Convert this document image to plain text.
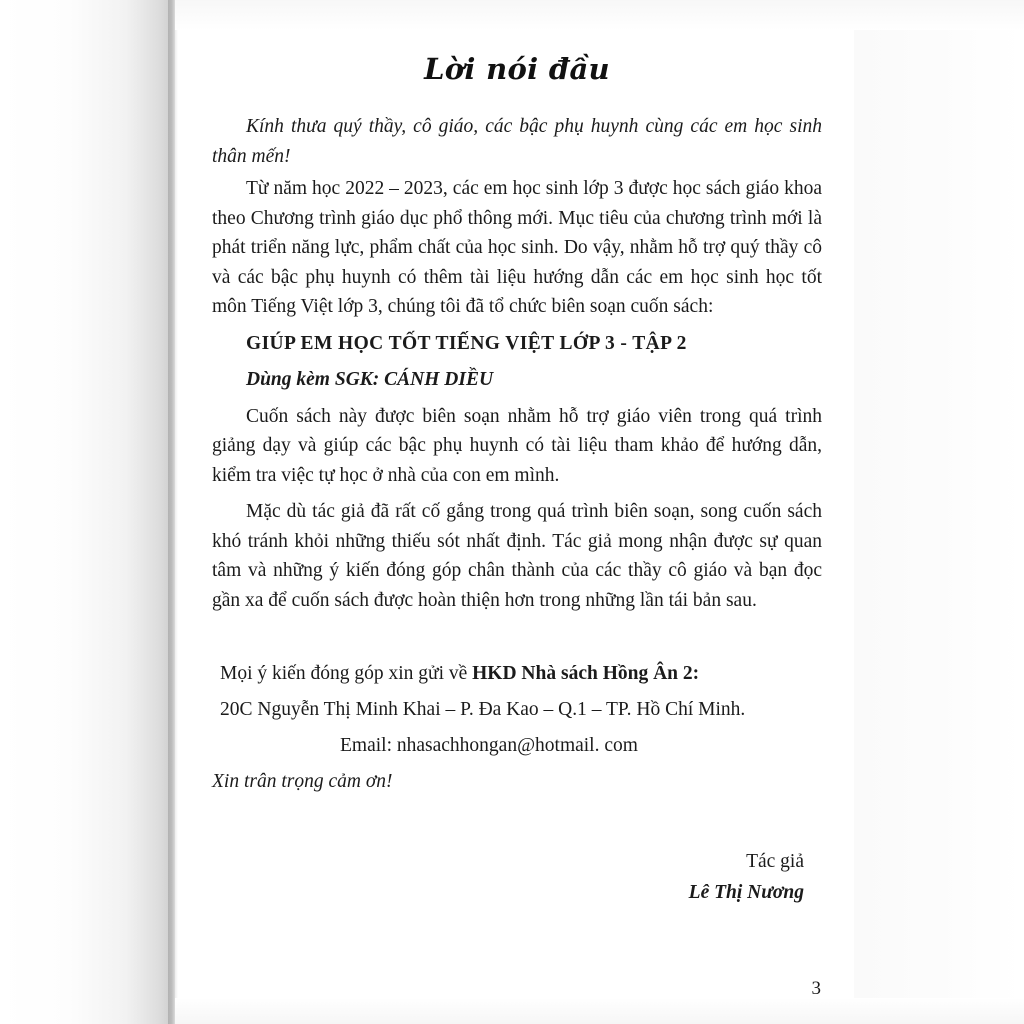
Lời nói đầu

Kính thưa quý thầy, cô giáo, các bậc phụ huynh cùng các em học sinh thân mến!

Từ năm học 2022 – 2023, các em học sinh lớp 3 được học sách giáo khoa theo Chương trình giáo dục phổ thông mới. Mục tiêu của chương trình mới là phát triển năng lực, phẩm chất của học sinh. Do vậy, nhằm hỗ trợ quý thầy cô và các bậc phụ huynh có thêm tài liệu hướng dẫn các em học sinh học tốt môn Tiếng Việt lớp 3, chúng tôi đã tổ chức biên soạn cuốn sách:

GIÚP EM HỌC TỐT TIẾNG VIỆT LỚP 3 - TẬP 2

Dùng kèm SGK: CÁNH DIỀU

Cuốn sách này được biên soạn nhằm hỗ trợ giáo viên trong quá trình giảng dạy và giúp các bậc phụ huynh có tài liệu tham khảo để hướng dẫn, kiểm tra việc tự học ở nhà của con em mình.

Mặc dù tác giả đã rất cố gắng trong quá trình biên soạn, song cuốn sách khó tránh khỏi những thiếu sót nhất định. Tác giả mong nhận được sự quan tâm và những ý kiến đóng góp chân thành của các thầy cô giáo và bạn đọc gần xa để cuốn sách được hoàn thiện hơn trong những lần tái bản sau.

Mọi ý kiến đóng góp xin gửi về HKD Nhà sách Hồng Ân 2:

20C Nguyễn Thị Minh Khai – P. Đa Kao – Q.1 – TP. Hồ Chí Minh.

Email: nhasachhongan@hotmail. com

Xin trân trọng cảm ơn!

Tác giả
Lê Thị Nương
3
